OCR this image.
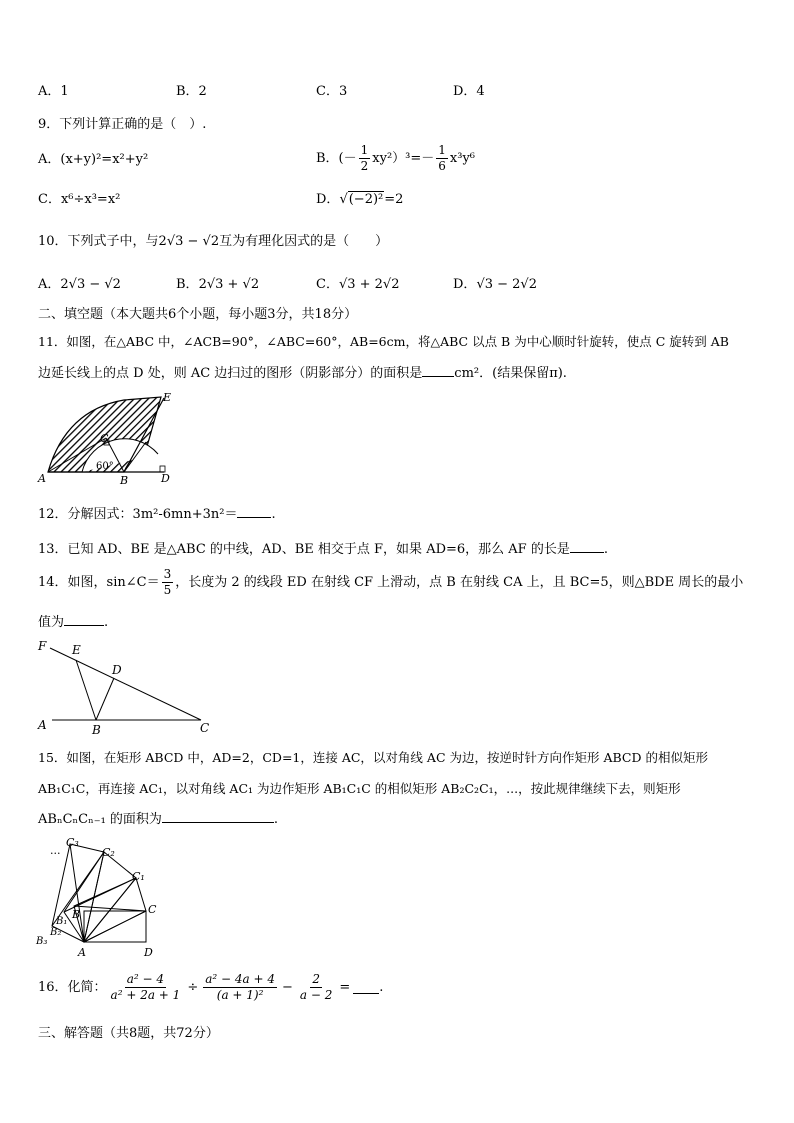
A．1	B．2	C．3	D．4
9．下列计算正确的是（　）.
A．(x+y)²=x²+y²	B．(－ $\frac{1}{2} xy^2)^3=- \frac{1}{6} x^3y^6$
C．x⁶÷x³=x²	D．√(−2)²=2
10．下列式子中，与2√3 − √2互为有理化因式的是（　　）
A．2√3 − √2	B．2√3 + √2	C．√3 + 2√2	D．√3 − 2√2
二、填空题（本大题共6个小题，每小题3分，共18分）
11．如图，在△ABC 中，∠ACB=90°，∠ABC=60°，AB=6cm，将△ABC 以点 B 为中心顺时针旋转，使点 C 旋转到 AB
边延长线上的点 D 处，则 AC 边扫过的图形（阴影部分）的面积是 cm²．(结果保留π).
A	B
C
D
E
60°
12．分解因式：3m²-6mn+3n²＝	.
13．已知 AD、BE 是△ABC 的中线，AD、BE 相交于点 F，如果 AD=6，那么 AF 的长是	.
14．如图，sin∠C＝ $\frac{3}{5}$ ，长度为 2 的线段 ED 在射线 CF 上滑动，点 B 在射线 CA 上，且 BC=5，则△BDE 周长的最小
值为	.
F E
D
A	B	C
15．如图，在矩形 ABCD 中，AD=2，CD=1，连接 AC，以对角线 AC 为边，按逆时针方向作矩形 ABCD 的相似矩形
AB₁C₁C，再连接 AC₁，以对角线 AC₁ 为边作矩形 AB₁C₁C 的相似矩形 AB₂C₂C₁，...，按此规律继续下去，则矩形
ABₙCₙCₙ₋₁ 的面积为	.
...
C₃
C₂
C₁
C
B
B₁
B₂
B₃
A	D
16．化简： $\frac{\text{a² − 4}}{\text{a² + 2a + 1}} \div \frac{\text{a² − 4a + 4}}{\text{(a + 1)²}} - \frac{2}{a - 2}$ = .
三、解答题（共8题，共72分）
